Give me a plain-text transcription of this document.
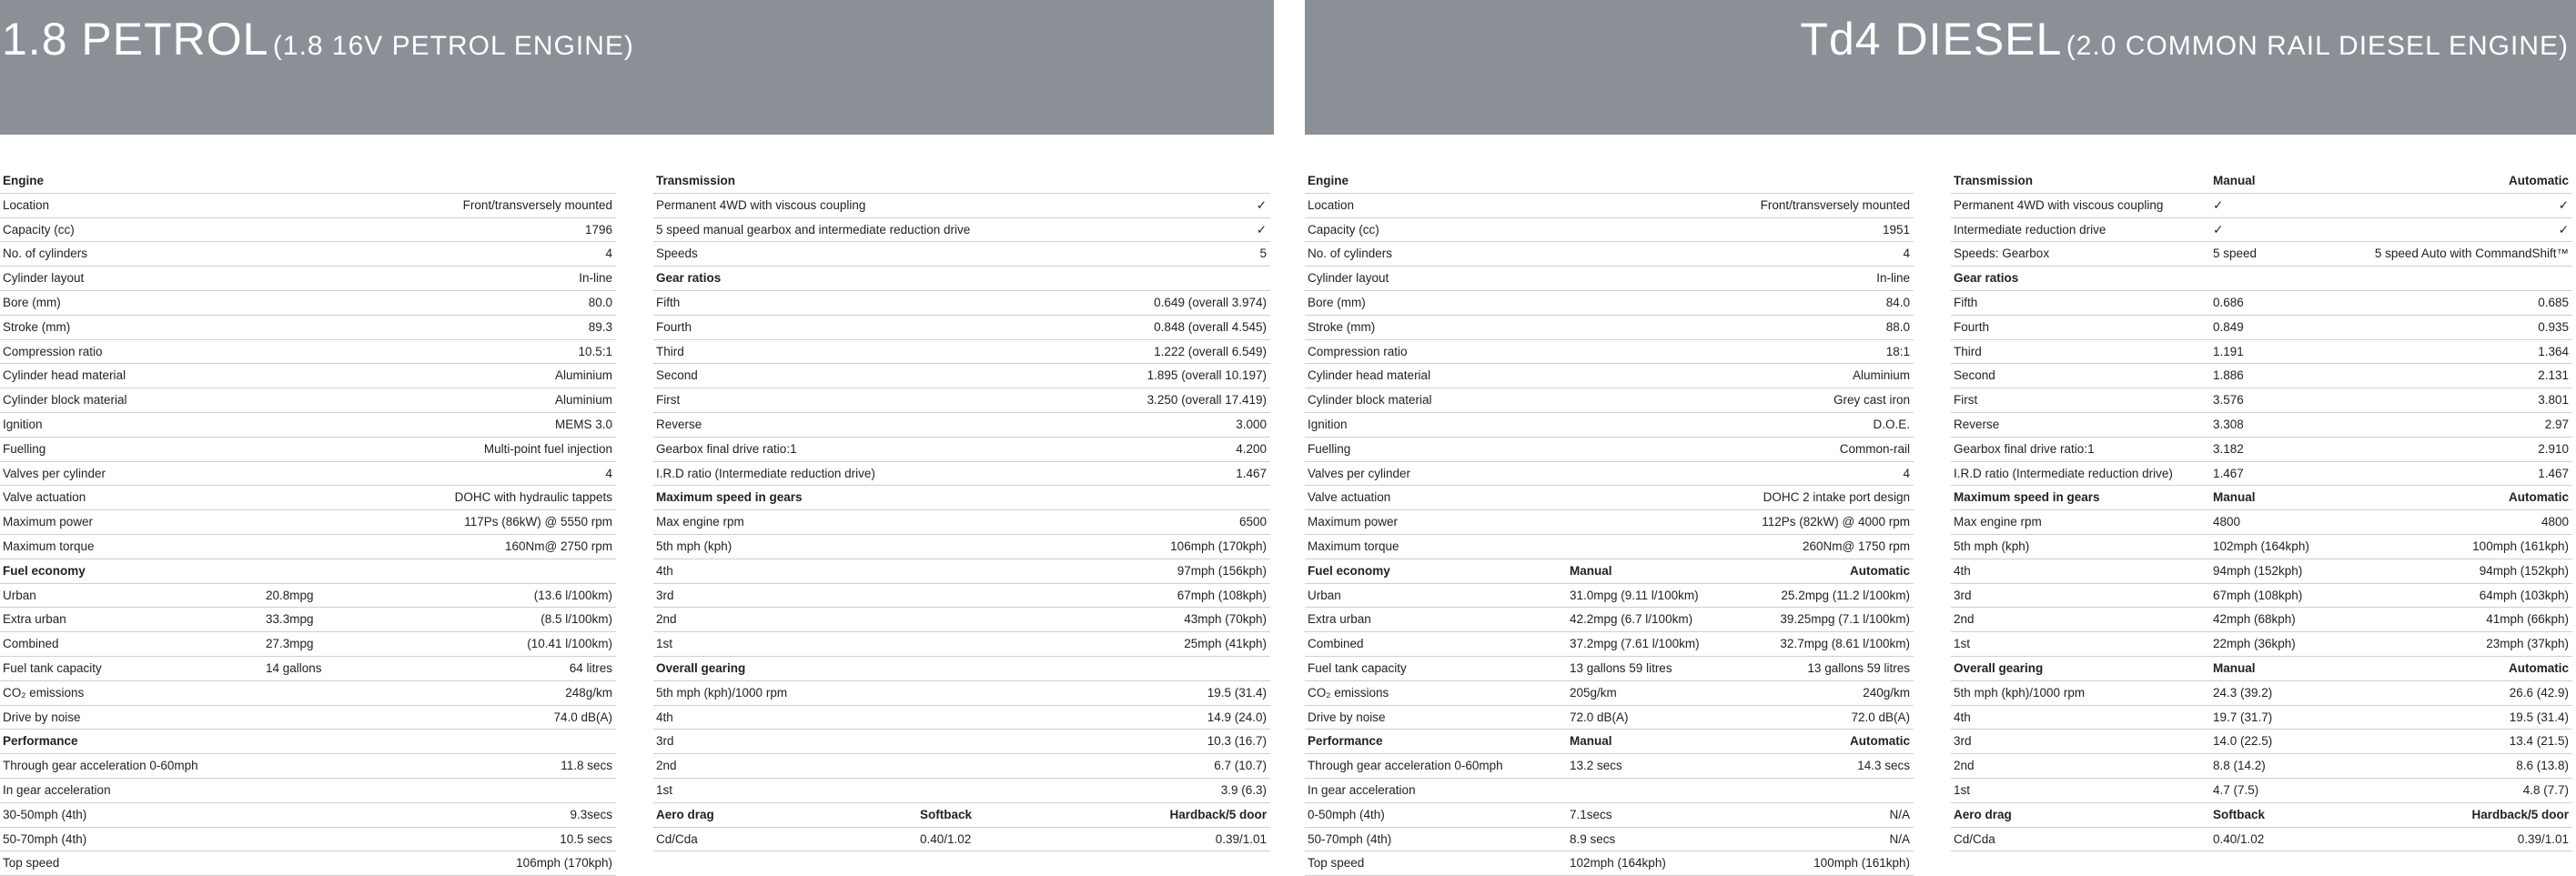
1.8 PETROL (1.8 16V PETROL ENGINE)
Engine
Location	Front/transversely mounted
Capacity (cc)	1796
No. of cylinders	4
Cylinder layout	In-line
Bore (mm)	80.0
Stroke (mm)	89.3
Compression ratio	10.5:1
Cylinder head material	Aluminium
Cylinder block material	Aluminium
Ignition	MEMS 3.0
Fuelling	Multi-point fuel injection
Valves per cylinder	4
Valve actuation	DOHC with hydraulic tappets
Maximum power	117Ps (86kW) @ 5550 rpm
Maximum torque	160Nm@ 2750 rpm
Fuel economy
Urban	20.8mpg	(13.6 l/100km)
Extra urban	33.3mpg	(8.5 l/100km)
Combined	27.3mpg	(10.41 l/100km)
Fuel tank capacity	14 gallons	64 litres
CO₂ emissions	248g/km
Drive by noise	74.0 dB(A)
Performance
Through gear acceleration 0-60mph	11.8 secs
In gear acceleration
30-50mph (4th)	9.3secs
50-70mph (4th)	10.5 secs
Top speed	106mph (170kph)
Transmission
Permanent 4WD with viscous coupling	✓
5 speed manual gearbox and intermediate reduction drive	✓
Speeds	5
Gear ratios
Fifth	0.649 (overall 3.974)
Fourth	0.848 (overall 4.545)
Third	1.222 (overall 6.549)
Second	1.895 (overall 10.197)
First	3.250 (overall 17.419)
Reverse	3.000
Gearbox final drive ratio:1	4.200
I.R.D ratio (Intermediate reduction drive)	1.467
Maximum speed in gears
Max engine rpm	6500
5th mph (kph)	106mph (170kph)
4th	97mph (156kph)
3rd	67mph (108kph)
2nd	43mph (70kph)
1st	25mph (41kph)
Overall gearing
5th mph (kph)/1000 rpm	19.5 (31.4)
4th	14.9 (24.0)
3rd	10.3 (16.7)
2nd	6.7 (10.7)
1st	3.9 (6.3)
Aero drag	Softback	Hardback/5 door
Cd/Cda	0.40/1.02	0.39/1.01
Td4 DIESEL (2.0 COMMON RAIL DIESEL ENGINE)
Engine
Location	Front/transversely mounted
Capacity (cc)	1951
No. of cylinders	4
Cylinder layout	In-line
Bore (mm)	84.0
Stroke (mm)	88.0
Compression ratio	18:1
Cylinder head material	Aluminium
Cylinder block material	Grey cast iron
Ignition	D.O.E.
Fuelling	Common-rail
Valves per cylinder	4
Valve actuation	DOHC 2 intake port design
Maximum power	112Ps (82kW) @ 4000 rpm
Maximum torque	260Nm@ 1750 rpm
Fuel economy	Manual	Automatic
Urban	31.0mpg (9.11 l/100km)	25.2mpg (11.2 l/100km)
Extra urban	42.2mpg (6.7 l/100km)	39.25mpg (7.1 l/100km)
Combined	37.2mpg (7.61 l/100km)	32.7mpg (8.61 l/100km)
Fuel tank capacity	13 gallons 59 litres	13 gallons 59 litres
CO₂ emissions	205g/km	240g/km
Drive by noise	72.0 dB(A)	72.0 dB(A)
Performance	Manual	Automatic
Through gear acceleration 0-60mph	13.2 secs	14.3 secs
In gear acceleration
0-50mph (4th)	7.1secs	N/A
50-70mph (4th)	8.9 secs	N/A
Top speed	102mph (164kph)	100mph (161kph)
Transmission	Manual	Automatic
Permanent 4WD with viscous coupling	✓	✓
Intermediate reduction drive	✓	✓
Speeds: Gearbox	5 speed	5 speed Auto with CommandShift™
Gear ratios
Fifth	0.686	0.685
Fourth	0.849	0.935
Third	1.191	1.364
Second	1.886	2.131
First	3.576	3.801
Reverse	3.308	2.97
Gearbox final drive ratio:1	3.182	2.910
I.R.D ratio (Intermediate reduction drive)	1.467	1.467
Maximum speed in gears	Manual	Automatic
Max engine rpm	4800	4800
5th mph (kph)	102mph (164kph)	100mph (161kph)
4th	94mph (152kph)	94mph (152kph)
3rd	67mph (108kph)	64mph (103kph)
2nd	42mph (68kph)	41mph (66kph)
1st	22mph (36kph)	23mph (37kph)
Overall gearing	Manual	Automatic
5th mph (kph)/1000 rpm	24.3 (39.2)	26.6 (42.9)
4th	19.7 (31.7)	19.5 (31.4)
3rd	14.0 (22.5)	13.4 (21.5)
2nd	8.8 (14.2)	8.6 (13.8)
1st	4.7 (7.5)	4.8 (7.7)
Aero drag	Softback	Hardback/5 door
Cd/Cda	0.40/1.02	0.39/1.01
